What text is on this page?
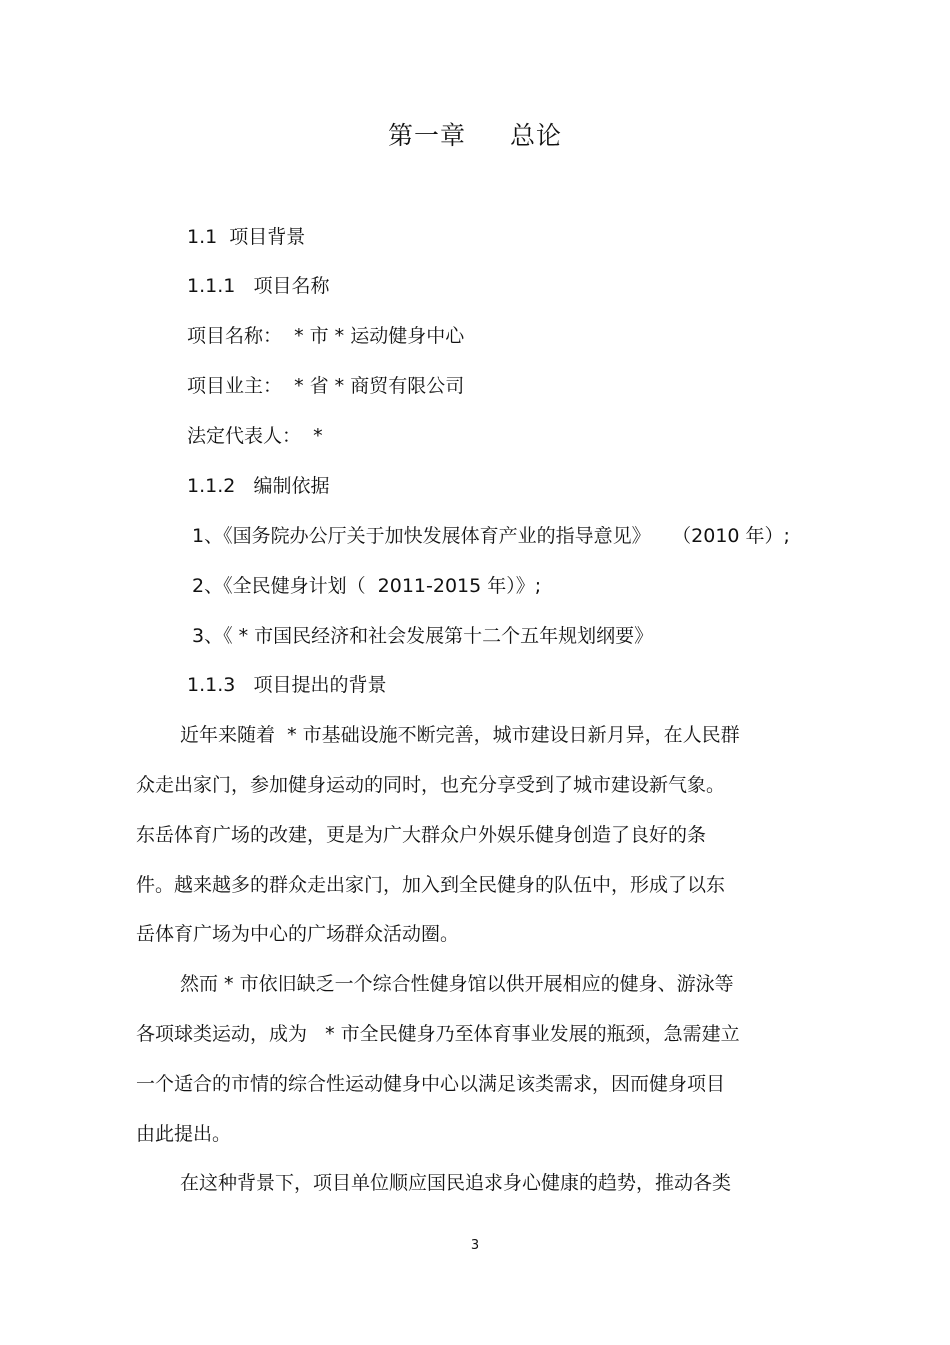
第一章　  总论
1.1  项目背景
1.1.1   项目名称
项目名称：  * 市 * 运动健身中心
项目业主：  * 省 * 商贸有限公司
法定代表人：  *
1.1.2   编制依据
1、《国务院办公厅关于加快发展体育产业的指导意见》　  （2010 年）;
2、《全民健身计划（  2011-2015 年）》;
3、《 * 市国民经济和社会发展第十二个五年规划纲要》
1.1.3   项目提出的背景
近年来随着  * 市基础设施不断完善，城市建设日新月异，在人民群
众走出家门，参加健身运动的同时，也充分享受到了城市建设新气象。
东岳体育广场的改建，更是为广大群众户外娱乐健身创造了良好的条
件。越来越多的群众走出家门，加入到全民健身的队伍中，形成了以东
岳体育广场为中心的广场群众活动圈。
然而 * 市依旧缺乏一个综合性健身馆以供开展相应的健身、游泳等
各项球类运动，成为   * 市全民健身乃至体育事业发展的瓶颈，急需建立
一个适合的市情的综合性运动健身中心以满足该类需求，因而健身项目
由此提出。
在这种背景下，项目单位顺应国民追求身心健康的趋势，推动各类
3
